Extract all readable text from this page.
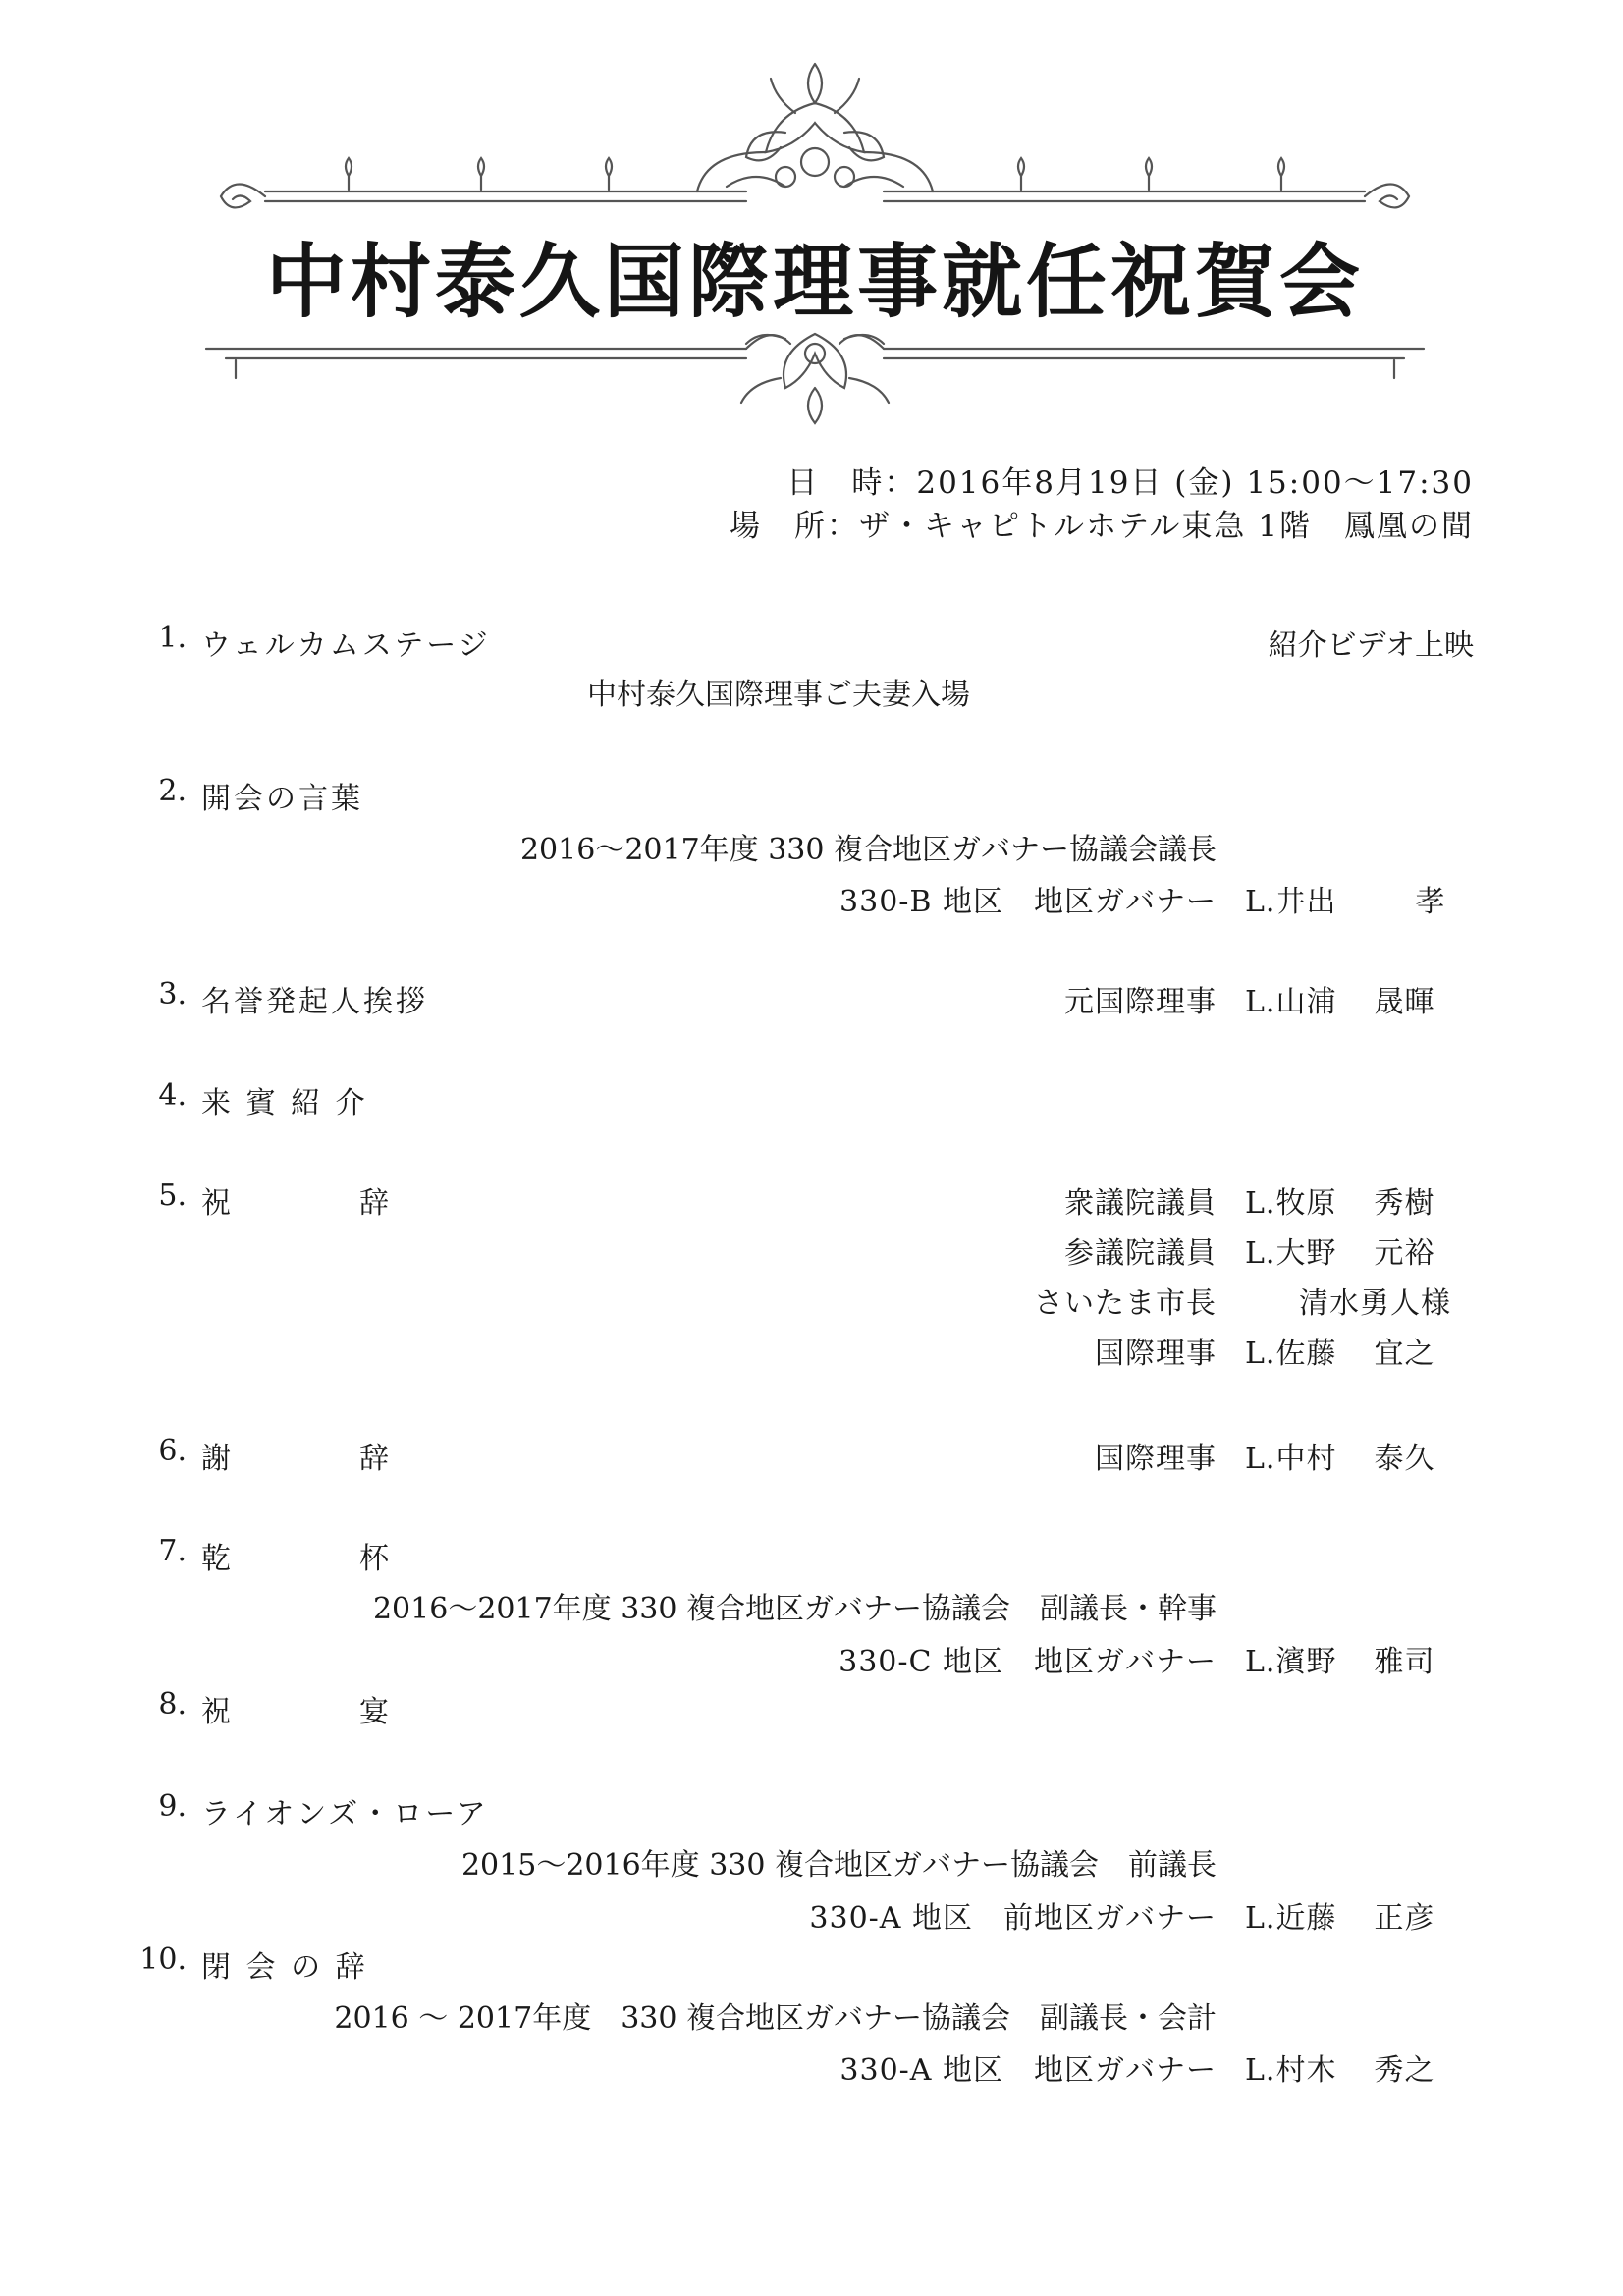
中村泰久国際理事就任祝賀会
日　時：2016年8月19日 (金) 15:00～17:30
場　所：ザ・キャピトルホテル東急 1階　鳳凰の間
1. ウェルカムステージ	紹介ビデオ上映
中村泰久国際理事ご夫妻入場
2. 開会の言葉
2016～2017年度 330 複合地区ガバナー協議会議長
330-B 地区　地区ガバナー L.井出	孝
3. 名誉発起人挨拶	元国際理事 L.山浦 晟暉
4. 来 賓 紹 介
5. 祝	辞	衆議院議員 L.牧原 秀樹
参議院議員 L.大野 元裕
さいたま市長	清水勇人様
国際理事 L.佐藤 宜之
6. 謝	辞	国際理事 L.中村 泰久
7. 乾	杯
2016～2017年度 330 複合地区ガバナー協議会　副議長・幹事
330-C 地区　地区ガバナー L.濱野 雅司
8. 祝	宴
9. ライオンズ・ローア
2015～2016年度 330 複合地区ガバナー協議会　前議長
330-A 地区　前地区ガバナー L.近藤 正彦
10. 閉 会 の 辞
2016 ～ 2017年度　330 複合地区ガバナー協議会　副議長・会計
330-A 地区　地区ガバナー L.村木 秀之
